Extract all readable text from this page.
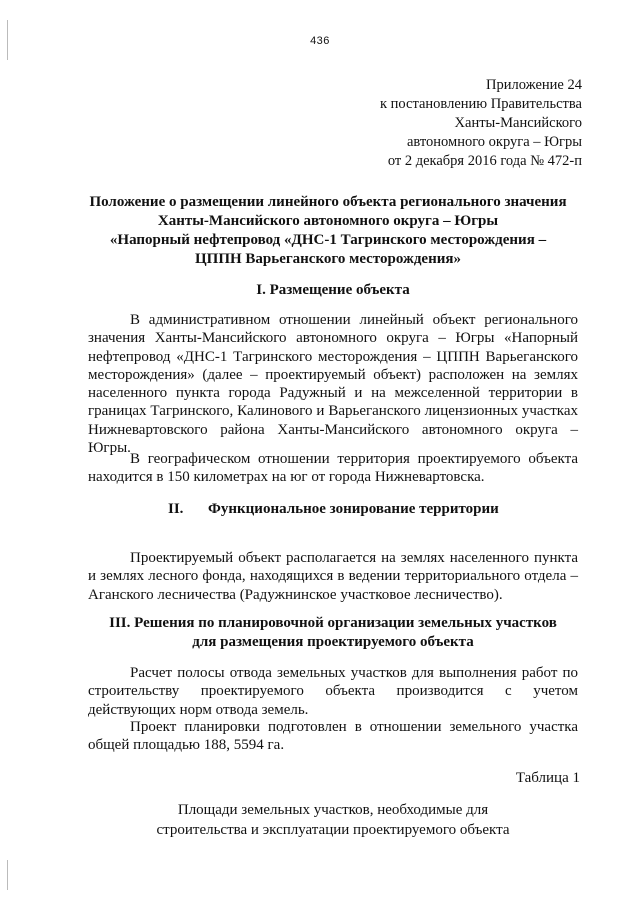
436
Приложение 24
к постановлению Правительства
Ханты-Мансийского
автономного округа – Югры
от 2 декабря 2016 года № 472-п
Положение о размещении линейного объекта регионального значения
Ханты-Мансийского автономного округа – Югры
«Напорный нефтепровод «ДНС-1 Тагринского месторождения –
ЦППН Варьеганского месторождения»
I. Размещение объекта
В административном отношении линейный объект регионального значения Ханты-Мансийского автономного округа – Югры «Напорный нефтепровод «ДНС-1 Тагринского месторождения – ЦППН Варьеганского месторождения» (далее – проектируемый объект) расположен на землях населенного пункта города Радужный и на межселенной территории в границах Тагринского, Калинового и Варьеганского лицензионных участках Нижневартовского района Ханты-Мансийского автономного округа – Югры.
В географическом отношении территория проектируемого объекта находится в 150 километрах на юг от города Нижневартовска.
II. Функциональное зонирование территории
Проектируемый объект располагается на землях населенного пункта и землях лесного фонда, находящихся в ведении территориального отдела – Аганского лесничества (Радужнинское участковое лесничество).
III. Решения по планировочной организации земельных участков
для размещения проектируемого объекта
Расчет полосы отвода земельных участков для выполнения работ по строительству проектируемого объекта производится с учетом действующих норм отвода земель.
Проект планировки подготовлен в отношении земельного участка общей площадью 188, 5594 га.
Таблица 1
Площади земельных участков, необходимые для
строительства и эксплуатации проектируемого объекта
